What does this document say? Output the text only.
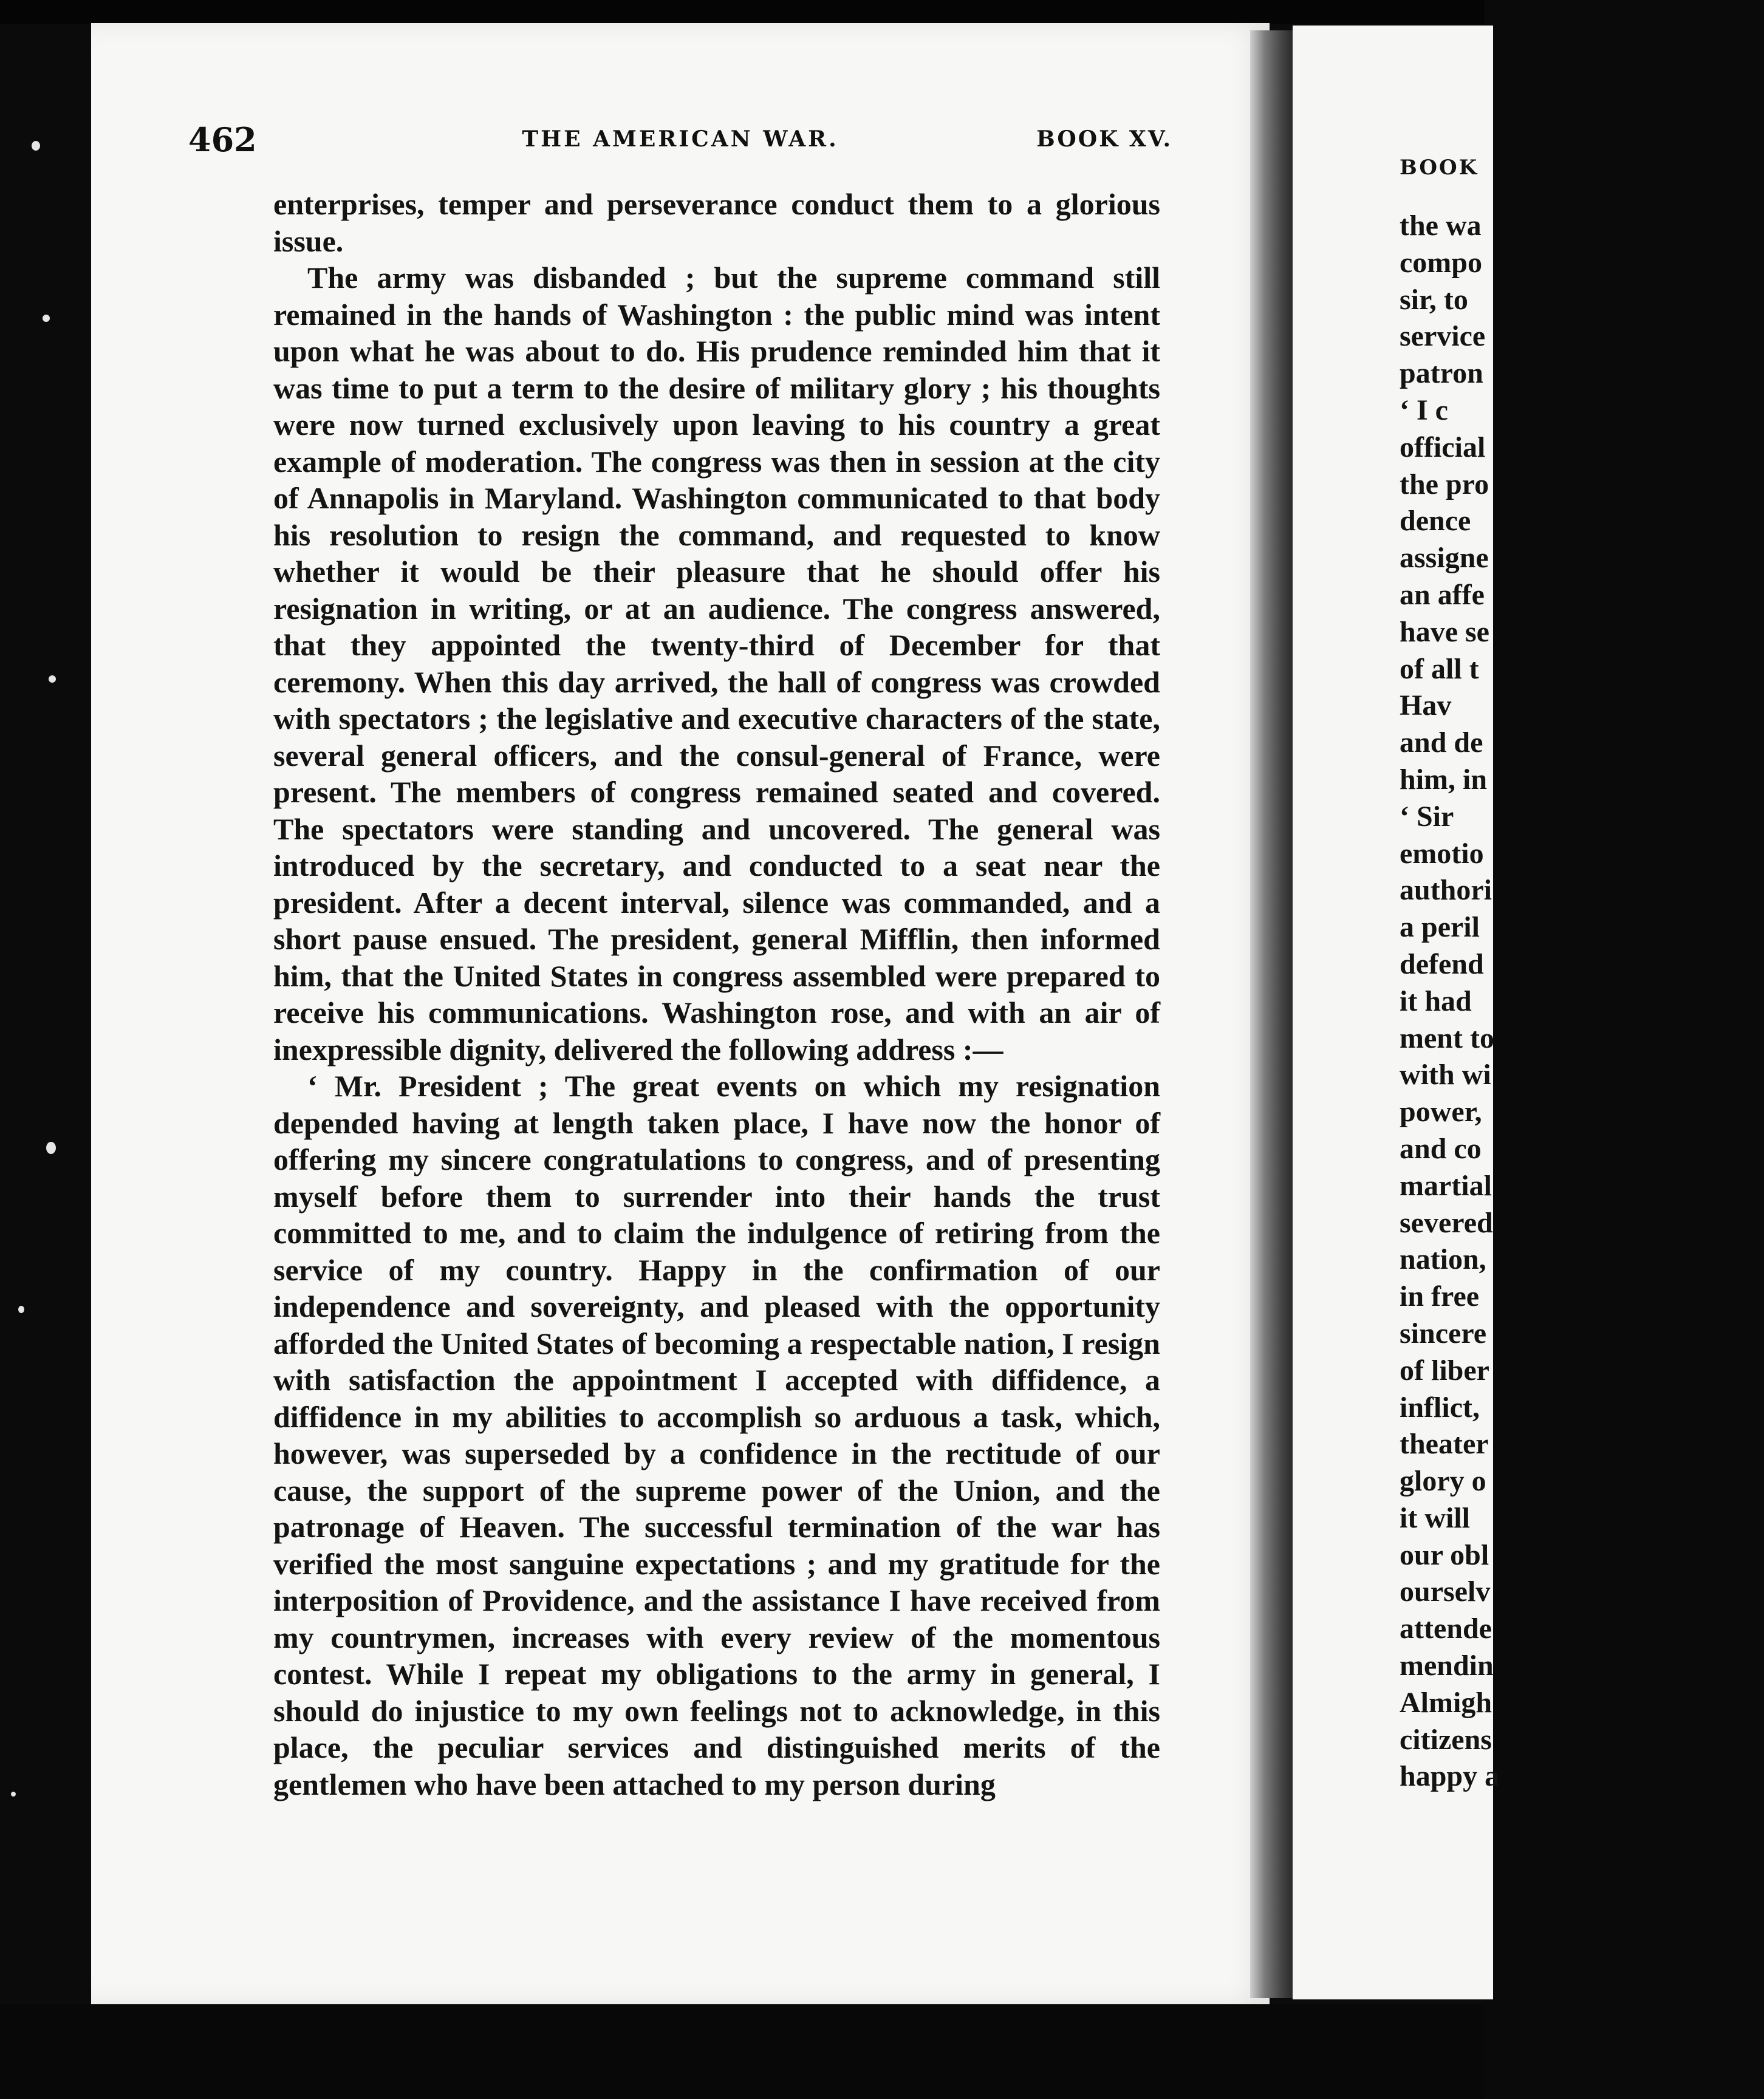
462	THE AMERICAN WAR.	BOOK XV.

enterprises, temper and perseverance conduct them to a glorious issue.

The army was disbanded ; but the supreme command still remained in the hands of Washington : the public mind was intent upon what he was about to do. His prudence reminded him that it was time to put a term to the desire of military glory ; his thoughts were now turned exclusively upon leaving to his country a great example of moderation. The congress was then in session at the city of Annapolis in Maryland. Washington communicated to that body his resolution to resign the command, and requested to know whether it would be their pleasure that he should offer his resignation in writing, or at an audience. The congress answered, that they appointed the twenty-third of December for that ceremony. When this day arrived, the hall of congress was crowded with spectators ; the legislative and executive characters of the state, several general officers, and the consul-general of France, were present. The members of congress remained seated and covered. The spectators were standing and uncovered. The general was introduced by the secretary, and conducted to a seat near the president. After a decent interval, silence was commanded, and a short pause ensued. The president, general Mifflin, then informed him, that the United States in congress assembled were prepared to receive his communications. Washington rose, and with an air of inexpressible dignity, delivered the following address :—

‘ Mr. President ; The great events on which my resignation depended having at length taken place, I have now the honor of offering my sincere congratulations to congress, and of presenting myself before them to surrender into their hands the trust committed to me, and to claim the indulgence of retiring from the service of my country. Happy in the confirmation of our independence and sovereignty, and pleased with the opportunity afforded the United States of becoming a respectable nation, I resign with satisfaction the appointment I accepted with diffidence, a diffidence in my abilities to accomplish so arduous a task, which, however, was superseded by a confidence in the rectitude of our cause, the support of the supreme power of the Union, and the patronage of Heaven. The successful termination of the war has verified the most sanguine expectations ; and my gratitude for the interposition of Providence, and the assistance I have received from my countrymen, increases with every review of the momentous contest. While I repeat my obligations to the army in general, I should do injustice to my own feelings not to acknowledge, in this place, the peculiar services and distinguished merits of the gentlemen who have been attached to my person during

BOOK
the wa
compo
sir, to
service
patron
‘ I c
official
the pro
dence
assigne
an affe
have se
of all t
Hav
and de
him, in
‘ Sir
emotio
authori
a peril
defend
it had
ment to
with wi
power,
and co
martial
severed
nation,
in free
sincere
of liber
inflict,
theater
glory o
it will
our obl
ourselv
attende
mendin
Almigh
citizens
happy a
